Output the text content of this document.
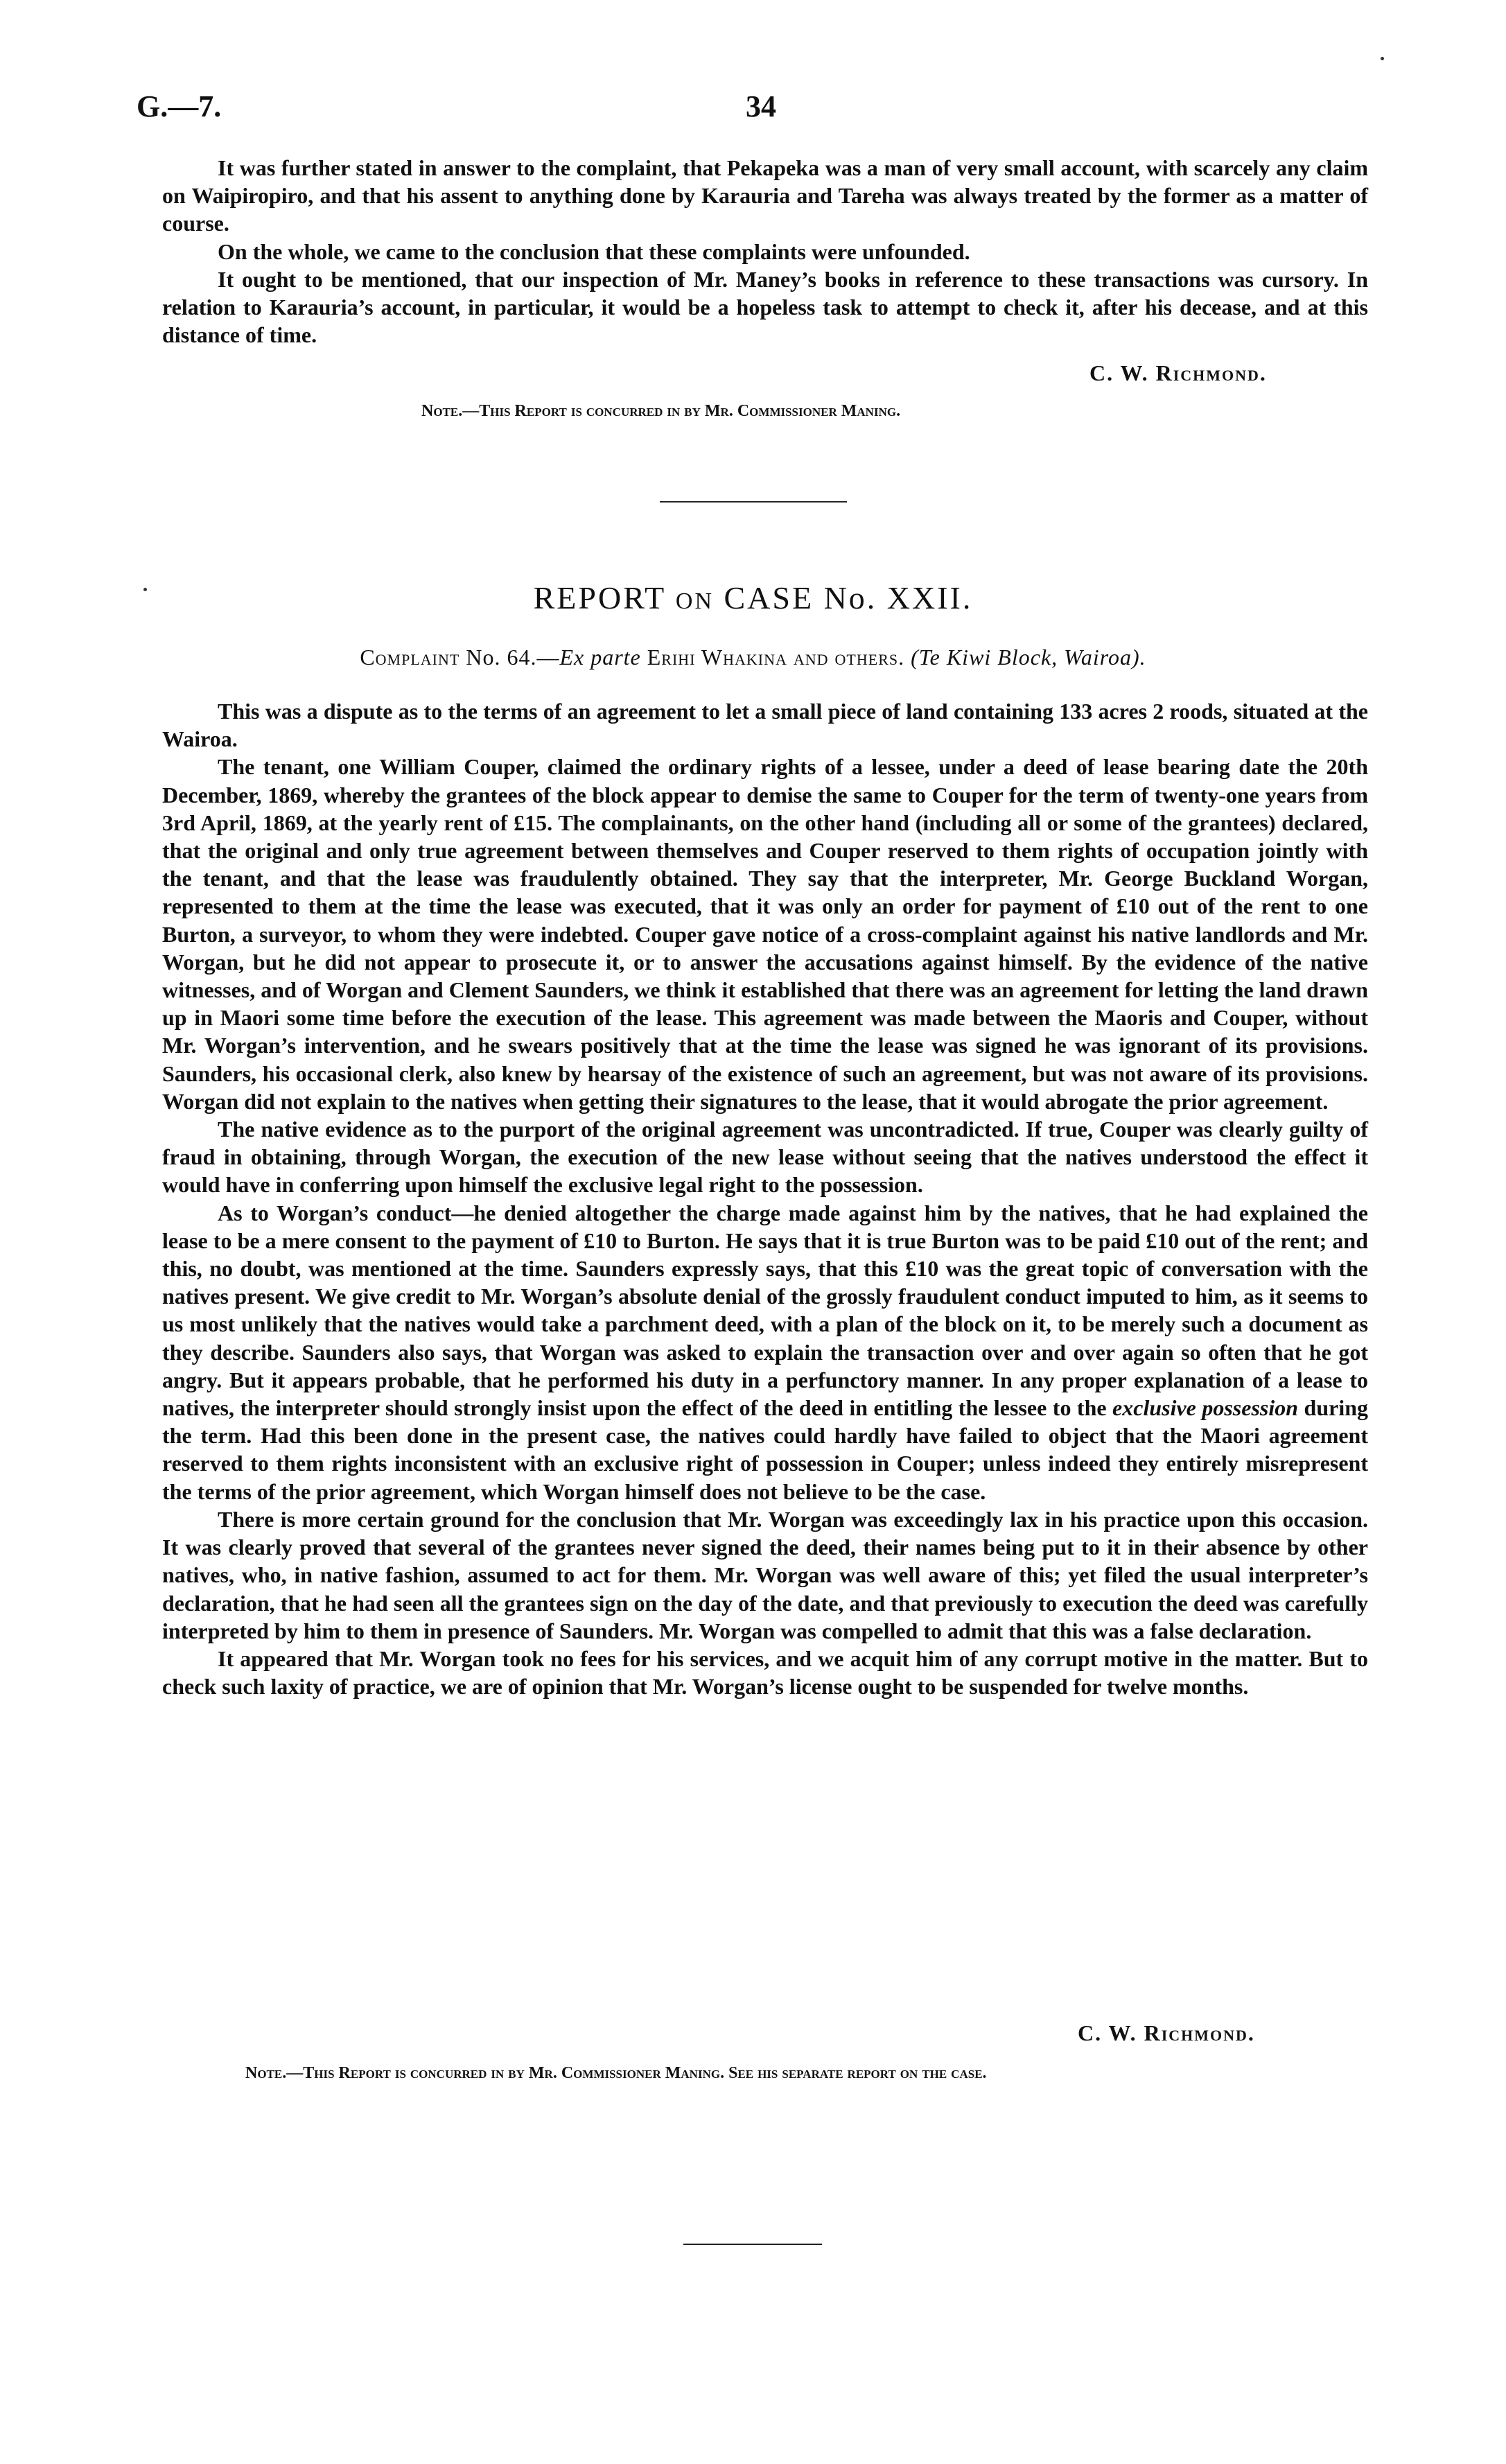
G.—7.	34

It was further stated in answer to the complaint, that Pekapeka was a man of very small account, with scarcely any claim on Waipiropiro, and that his assent to anything done by Karauria and Tareha was always treated by the former as a matter of course.

On the whole, we came to the conclusion that these complaints were unfounded.

It ought to be mentioned, that our inspection of Mr. Maney’s books in reference to these transactions was cursory. In relation to Karauria’s account, in particular, it would be a hopeless task to attempt to check it, after his decease, and at this distance of time.

C. W. Richmond.
Note.—This Report is concurred in by Mr. Commissioner Maning.
REPORT ON CASE No. XXII.
Complaint No. 64.—Ex parte Erihi Whakina and others. (Te Kiwi Block, Wairoa).

This was a dispute as to the terms of an agreement to let a small piece of land containing 133 acres 2 roods, situated at the Wairoa.

The tenant, one William Couper, claimed the ordinary rights of a lessee, under a deed of lease bearing date the 20th December, 1869, whereby the grantees of the block appear to demise the same to Couper for the term of twenty-one years from 3rd April, 1869, at the yearly rent of £15. The complainants, on the other hand (including all or some of the grantees) declared, that the original and only true agreement between themselves and Couper reserved to them rights of occupation jointly with the tenant, and that the lease was fraudulently obtained. They say that the interpreter, Mr. George Buckland Worgan, represented to them at the time the lease was executed, that it was only an order for payment of £10 out of the rent to one Burton, a surveyor, to whom they were indebted. Couper gave notice of a cross-complaint against his native landlords and Mr. Worgan, but he did not appear to prosecute it, or to answer the accusations against himself. By the evidence of the native witnesses, and of Worgan and Clement Saunders, we think it established that there was an agreement for letting the land drawn up in Maori some time before the execution of the lease. This agreement was made between the Maoris and Couper, without Mr. Worgan’s intervention, and he swears positively that at the time the lease was signed he was ignorant of its provisions. Saunders, his occasional clerk, also knew by hearsay of the existence of such an agreement, but was not aware of its provisions. Worgan did not explain to the natives when getting their signatures to the lease, that it would abrogate the prior agreement.

The native evidence as to the purport of the original agreement was uncontradicted. If true, Couper was clearly guilty of fraud in obtaining, through Worgan, the execution of the new lease without seeing that the natives understood the effect it would have in conferring upon himself the exclusive legal right to the possession.

As to Worgan’s conduct—he denied altogether the charge made against him by the natives, that he had explained the lease to be a mere consent to the payment of £10 to Burton. He says that it is true Burton was to be paid £10 out of the rent; and this, no doubt, was mentioned at the time. Saunders expressly says, that this £10 was the great topic of conversation with the natives present. We give credit to Mr. Worgan’s absolute denial of the grossly fraudulent conduct imputed to him, as it seems to us most unlikely that the natives would take a parchment deed, with a plan of the block on it, to be merely such a document as they describe. Saunders also says, that Worgan was asked to explain the transaction over and over again so often that he got angry. But it appears probable, that he performed his duty in a perfunctory manner. In any proper explanation of a lease to natives, the interpreter should strongly insist upon the effect of the deed in entitling the lessee to the exclusive possession during the term. Had this been done in the present case, the natives could hardly have failed to object that the Maori agreement reserved to them rights inconsistent with an exclusive right of possession in Couper; unless indeed they entirely misrepresent the terms of the prior agreement, which Worgan himself does not believe to be the case.

There is more certain ground for the conclusion that Mr. Worgan was exceedingly lax in his practice upon this occasion. It was clearly proved that several of the grantees never signed the deed, their names being put to it in their absence by other natives, who, in native fashion, assumed to act for them. Mr. Worgan was well aware of this; yet filed the usual interpreter’s declaration, that he had seen all the grantees sign on the day of the date, and that previously to execution the deed was carefully interpreted by him to them in presence of Saunders. Mr. Worgan was compelled to admit that this was a false declaration.

It appeared that Mr. Worgan took no fees for his services, and we acquit him of any corrupt motive in the matter. But to check such laxity of practice, we are of opinion that Mr. Worgan’s license ought to be suspended for twelve months.

C. W. Richmond.
Note.—This Report is concurred in by Mr. Commissioner Maning. See his separate report on the case.
